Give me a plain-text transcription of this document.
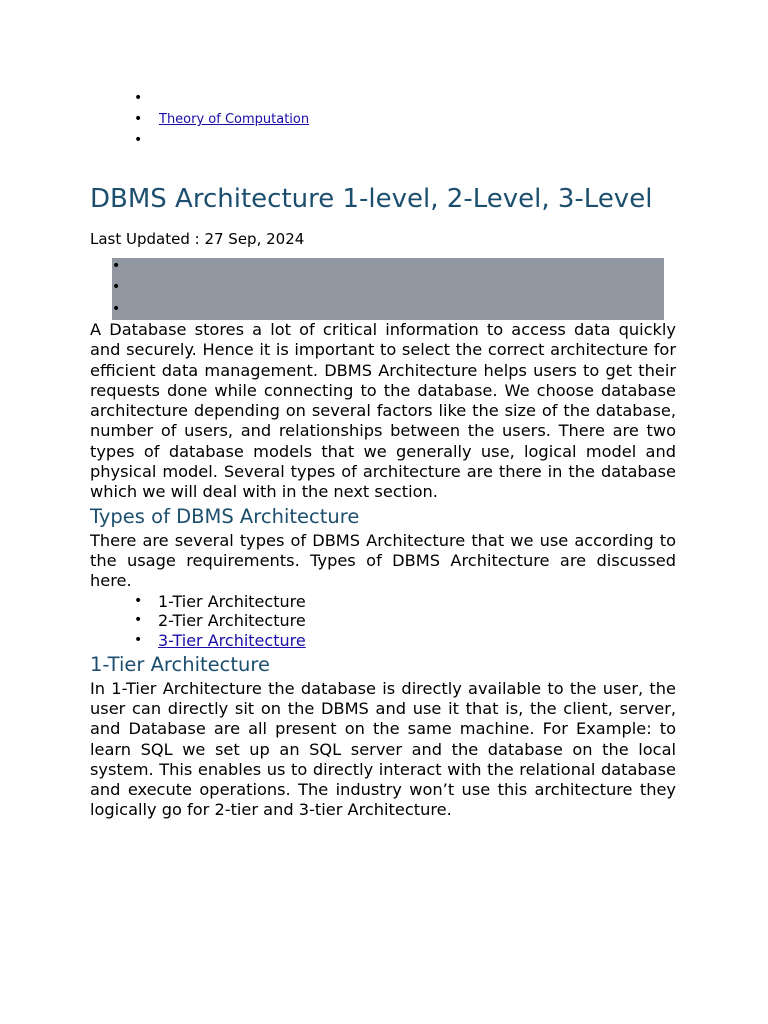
•
• Theory of Computation
•
DBMS Architecture 1-level, 2-Level, 3-Level
Last Updated : 27 Sep, 2024
•
•
•

A Database stores a lot of critical information to access data quickly and securely. Hence it is important to select the correct architecture for efficient data management. DBMS Architecture helps users to get their requests done while connecting to the database. We choose database architecture depending on several factors like the size of the database, number of users, and relationships between the users. There are two types of database models that we generally use, logical model and physical model. Several types of architecture are there in the database which we will deal with in the next section.

Types of DBMS Architecture

There are several types of DBMS Architecture that we use according to the usage requirements. Types of DBMS Architecture are discussed here.

• 1-Tier Architecture
• 2-Tier Architecture
• 3-Tier Architecture
1-Tier Architecture

In 1-Tier Architecture the database is directly available to the user, the user can directly sit on the DBMS and use it that is, the client, server, and Database are all present on the same machine. For Example: to learn SQL we set up an SQL server and the database on the local system. This enables us to directly interact with the relational database and execute operations. The industry won’t use this architecture they logically go for 2-tier and 3-tier Architecture.
